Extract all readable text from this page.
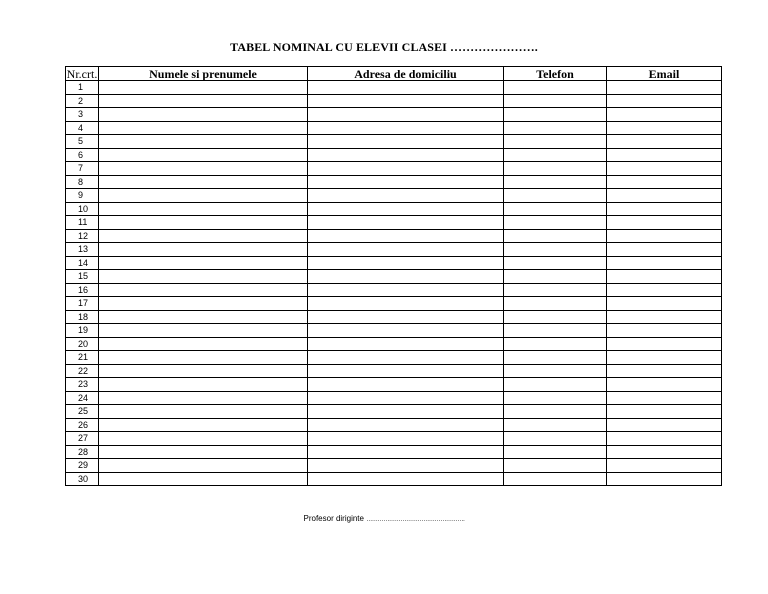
TABEL NOMINAL CU ELEVII CLASEI ………………….
Nr.crt.	Numele si prenumele	Adresa de domiciliu	Telefon	Email
1				
2				
3				
4				
5				
6				
7				
8				
9				
10				
11				
12				
13				
14				
15				
16				
17				
18				
19				
20				
21				
22				
23				
24				
25				
26				
27				
28				
29				
30				
Profesor diriginte …………………………………………….
